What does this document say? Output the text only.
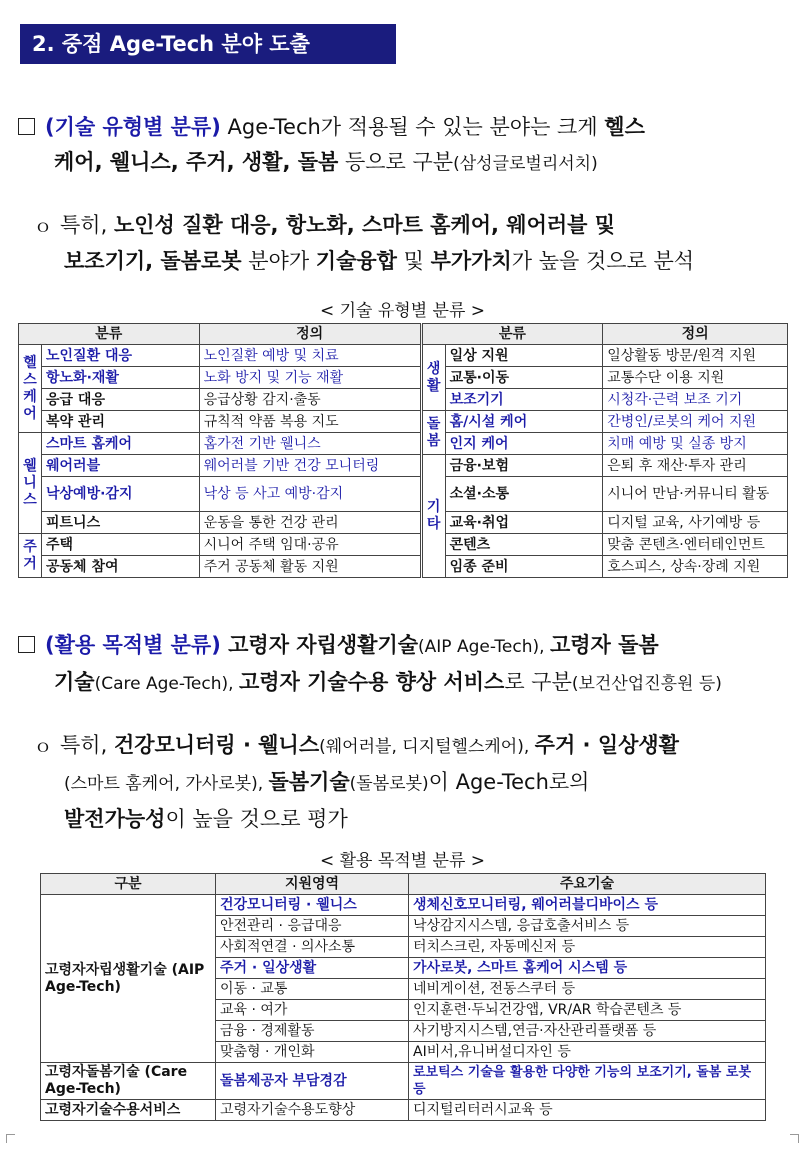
2. 중점 Age-Tech 분야 도출
(기술 유형별 분류) Age-Tech가 적용될 수 있는 분야는 크게 헬스
케어, 웰니스, 주거, 생활, 돌봄 등으로 구분(삼성글로벌리서치)
ｏ 특히, 노인성 질환 대응, 항노화, 스마트 홈케어, 웨어러블 및
보조기기, 돌봄로봇 분야가 기술융합 및 부가가치가 높을 것으로 분석
< 기술 유형별 분류 >
분류		정의	분류		정의
헬스케어	노인질환 대응	노인질환 예방 및 치료	생활	일상 지원	일상활동 방문/원격 지원
	항노화·재활	노화 방지 및 기능 재활		교통·이동	교통수단 이용 지원
	응급 대응	응급상황 감지·출동		보조기기	시청각·근력 보조 기기
	복약 관리	규칙적 약품 복용 지도	돌봄	홈/시설 케어	간병인/로봇의 케어 지원
웰니스	스마트 홈케어	홈가전 기반 웰니스		인지 케어	치매 예방 및 실종 방지
	웨어러블	웨어러블 기반 건강 모니터링	기타	금융·보험	은퇴 후 재산·투자 관리
	낙상예방·감지	낙상 등 사고 예방·감지		소셜·소통	시니어 만남·커뮤니티 활동
	피트니스	운동을 통한 건강 관리		교육·취업	디지털 교육, 사기예방 등
주거	주택	시니어 주택 임대·공유		콘텐츠	맞춤 콘텐츠·엔터테인먼트
	공동체 참여	주거 공동체 활동 지원		임종 준비	호스피스, 상속·장례 지원
(활용 목적별 분류) 고령자 자립생활기술(AIP Age-Tech), 고령자 돌봄
기술(Care Age-Tech), 고령자 기술수용 향상 서비스로 구분(보건산업진흥원 등)
ｏ 특히, 건강모니터링 · 웰니스(웨어러블, 디지털헬스케어), 주거 · 일상생활
(스마트 홈케어, 가사로봇), 돌봄기술(돌봄로봇)이 Age-Tech로의
발전가능성이 높을 것으로 평가
< 활용 목적별 분류 >
구분	지원영역	주요기술
고령자자립생활기술 (AIP Age-Tech)	건강모니터링 · 웰니스	생체신호모니터링, 웨어러블디바이스 등
	안전관리 · 응급대응	낙상감지시스템, 응급호출서비스 등
	사회적연결 · 의사소통	터치스크린, 자동메신저 등
	주거 · 일상생활	가사로봇, 스마트 홈케어 시스템 등
	이동 · 교통	네비게이션, 전동스쿠터 등
	교육 · 여가	인지훈련·두뇌건강앱, VR/AR 학습콘텐츠 등
	금융 · 경제활동	사기방지시스템,연금·자산관리플랫폼 등
	맞춤형 · 개인화	AI비서,유니버설디자인 등
고령자돌봄기술 (Care Age-Tech)	돌봄제공자 부담경감	로보틱스 기술을 활용한 다양한 기능의 보조기기, 돌봄 로봇 등
고령자기술수용서비스	고령자기술수용도향상	디지털리터러시교육 등
